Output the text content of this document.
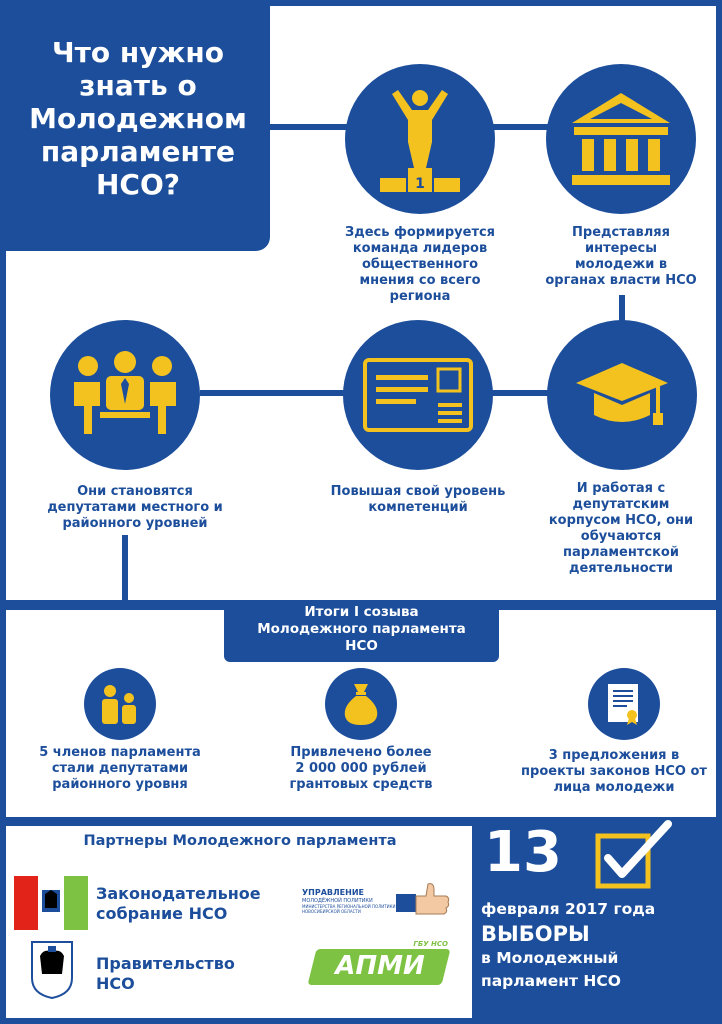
Что нужно
знать о
Молодежном
парламенте
НСО?	1
Здесь формируется
команда лидеров
общественного
мнения со всего
региона
Представляя
интересы
молодежи в
органах власти НСО
И работая с
депутатским
корпусом НСО, они
обучаются
парламентской
деятельности
Повышая свой уровень
компетенций
Они становятся
депутатами местного и
районного уровней
Итоги I созыва
Молодежного парламента
НСО
5 членов парламента
стали депутатами
районного уровня
Привлечено более
2 000 000 рублей
грантовых средств
3 предложения в
проекты законов НСО от
лица молодежи
Партнеры Молодежного парламента
Законодательное
собрание НСО
Правительство
НСО
УПРАВЛЕНИЕ
МОЛОДЁЖНОЙ ПОЛИТИКИ
МИНИСТЕРСТВА РЕГИОНАЛЬНОЙ ПОЛИТИКИ
НОВОСИБИРСКОЙ ОБЛАСТИ
ГБУ НСО
АПМИ
13
февраля 2017 года
ВЫБОРЫ
в Молодежный
парламент НСО
